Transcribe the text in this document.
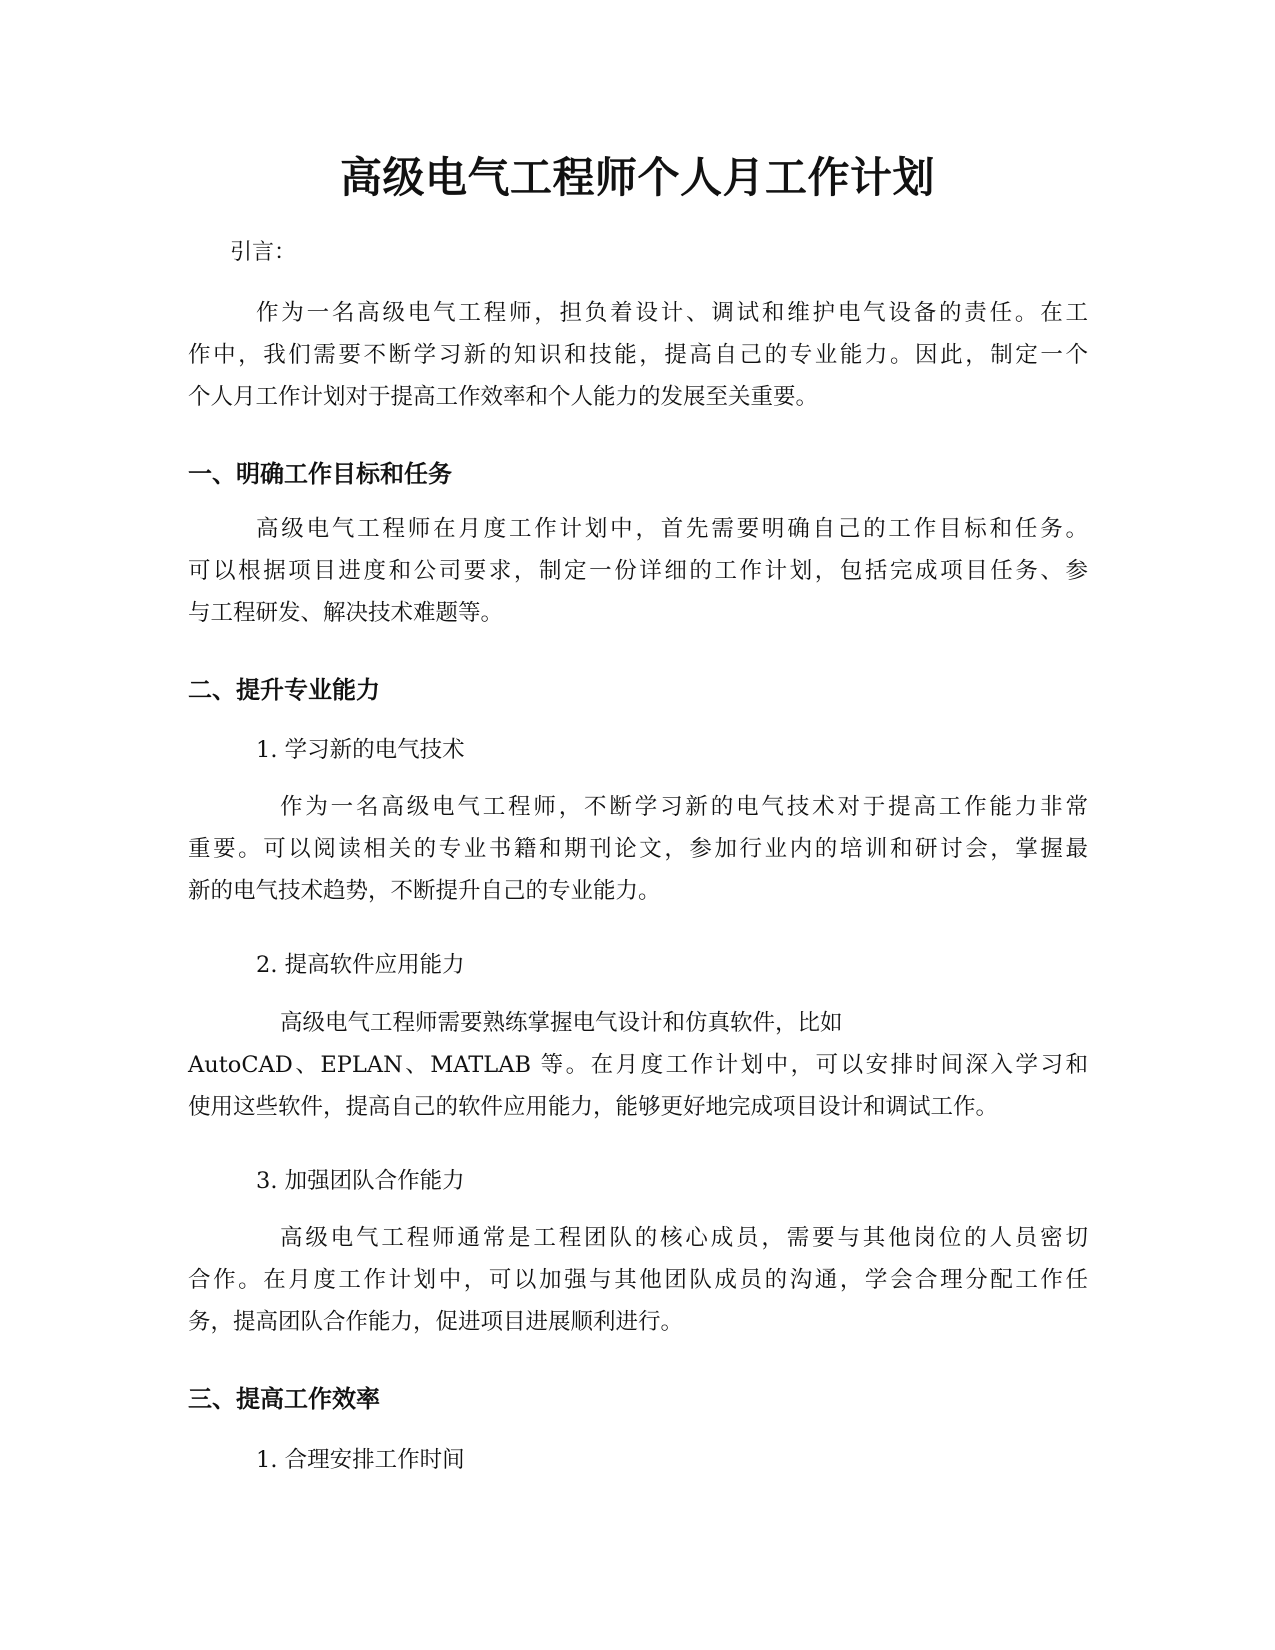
高级电气工程师个人月工作计划
引言：
作为一名高级电气工程师，担负着设计、调试和维护电气设备的责任。在工
作中，我们需要不断学习新的知识和技能，提高自己的专业能力。因此，制定一个
个人月工作计划对于提高工作效率和个人能力的发展至关重要。
一、明确工作目标和任务
高级电气工程师在月度工作计划中，首先需要明确自己的工作目标和任务。
可以根据项目进度和公司要求，制定一份详细的工作计划，包括完成项目任务、参
与工程研发、解决技术难题等。
二、提升专业能力
1. 学习新的电气技术
作为一名高级电气工程师，不断学习新的电气技术对于提高工作能力非常
重要。可以阅读相关的专业书籍和期刊论文，参加行业内的培训和研讨会，掌握最
新的电气技术趋势，不断提升自己的专业能力。
2. 提高软件应用能力
高级电气工程师需要熟练掌握电气设计和仿真软件，比如
AutoCAD、EPLAN、MATLAB 等。在月度工作计划中，可以安排时间深入学习和
使用这些软件，提高自己的软件应用能力，能够更好地完成项目设计和调试工作。
3. 加强团队合作能力
高级电气工程师通常是工程团队的核心成员，需要与其他岗位的人员密切
合作。在月度工作计划中，可以加强与其他团队成员的沟通，学会合理分配工作任
务，提高团队合作能力，促进项目进展顺利进行。
三、提高工作效率
1. 合理安排工作时间
